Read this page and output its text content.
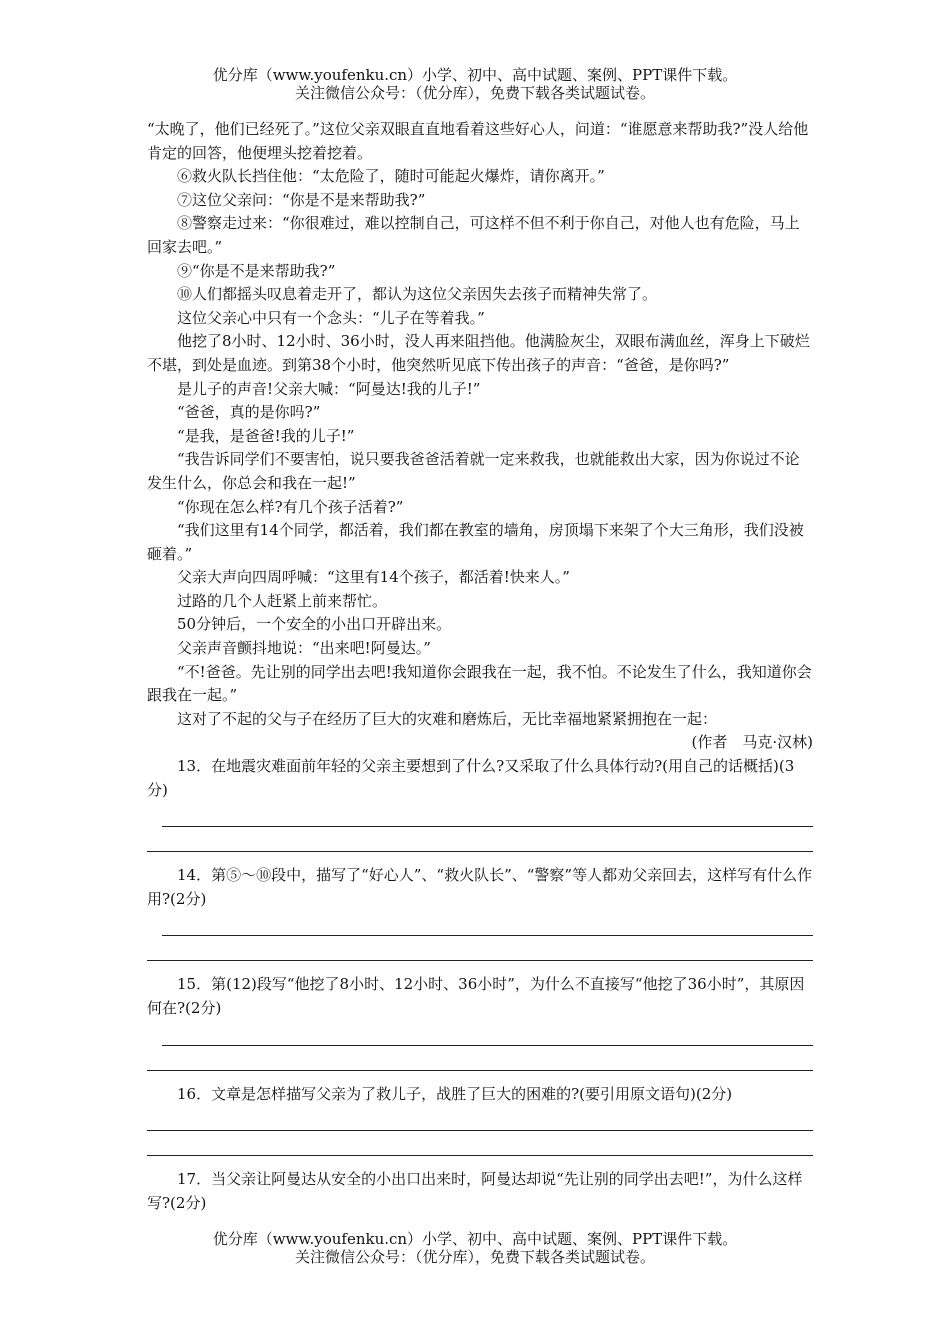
优分库（www.youfenku.cn）小学、初中、高中试题、案例、PPT课件下载。
关注微信公众号：（优分库），免费下载各类试题试卷。

“太晚了，他们已经死了。”这位父亲双眼直直地看着这些好心人，问道：“谁愿意来帮助我?”没人给他肯定的回答，他便埋头挖着挖着。

⑥救火队长挡住他：“太危险了，随时可能起火爆炸，请你离开。”

⑦这位父亲问：“你是不是来帮助我?”

⑧警察走过来：“你很难过，难以控制自己，可这样不但不利于你自己，对他人也有危险，马上回家去吧。”

⑨“你是不是来帮助我?”

⑩人们都摇头叹息着走开了，都认为这位父亲因失去孩子而精神失常了。

这位父亲心中只有一个念头：“儿子在等着我。”

他挖了8小时、12小时、36小时，没人再来阻挡他。他满脸灰尘，双眼布满血丝，浑身上下破烂不堪，到处是血迹。到第38个小时，他突然听见底下传出孩子的声音：“爸爸，是你吗?”

是儿子的声音!父亲大喊：“阿曼达!我的儿子!”

“爸爸，真的是你吗?”

“是我，是爸爸!我的儿子!”

“我告诉同学们不要害怕，说只要我爸爸活着就一定来救我，也就能救出大家，因为你说过不论发生什么，你总会和我在一起!”

“你现在怎么样?有几个孩子活着?”

“我们这里有14个同学，都活着，我们都在教室的墙角，房顶塌下来架了个大三角形，我们没被砸着。”

父亲大声向四周呼喊：“这里有14个孩子，都活着!快来人。”

过路的几个人赶紧上前来帮忙。

50分钟后，一个安全的小出口开辟出来。

父亲声音颤抖地说：“出来吧!阿曼达。”

“不!爸爸。先让别的同学出去吧!我知道你会跟我在一起，我不怕。不论发生了什么，我知道你会跟我在一起。”

这对了不起的父与子在经历了巨大的灾难和磨炼后，无比幸福地紧紧拥抱在一起：

(作者　马克·汉林)

13．在地震灾难面前年轻的父亲主要想到了什么?又采取了什么具体行动?(用自己的话概括)(3分)

14．第⑤～⑩段中，描写了“好心人”、“救火队长”、“警察”等人都劝父亲回去，这样写有什么作用?(2分)

15．第(12)段写“他挖了8小时、12小时、36小时”，为什么不直接写“他挖了36小时”，其原因何在?(2分)

16．文章是怎样描写父亲为了救儿子，战胜了巨大的困难的?(要引用原文语句)(2分)

17．当父亲让阿曼达从安全的小出口出来时，阿曼达却说“先让别的同学出去吧!”，为什么这样写?(2分)

优分库（www.youfenku.cn）小学、初中、高中试题、案例、PPT课件下载。
关注微信公众号：（优分库），免费下载各类试题试卷。
